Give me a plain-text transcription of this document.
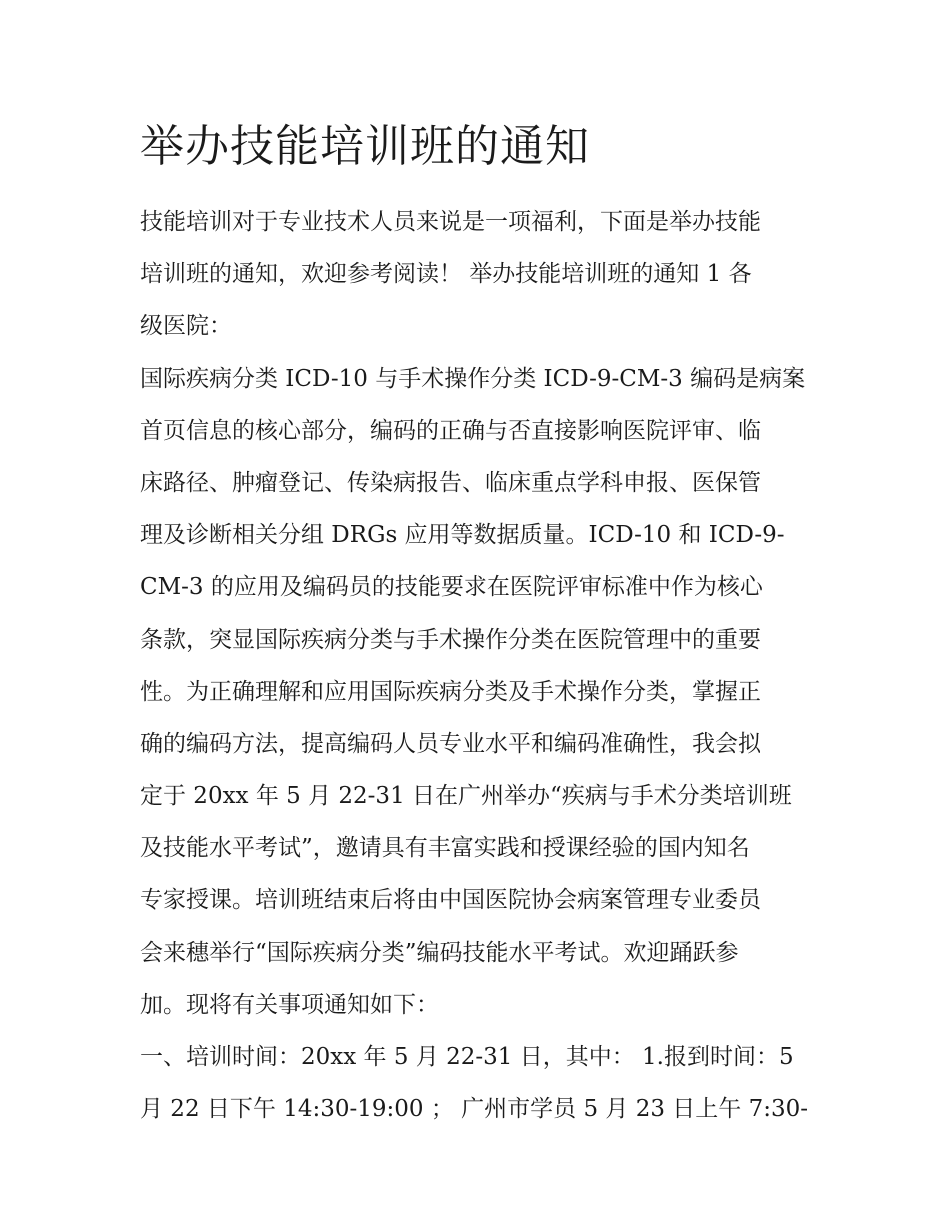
举办技能培训班的通知
技能培训对于专业技术人员来说是一项福利，下面是举办技能
培训班的通知，欢迎参考阅读！ 举办技能培训班的通知 1 各
级医院：
国际疾病分类 ICD-10 与手术操作分类 ICD-9-CM-3 编码是病案
首页信息的核心部分，编码的正确与否直接影响医院评审、临
床路径、肿瘤登记、传染病报告、临床重点学科申报、医保管
理及诊断相关分组 DRGs 应用等数据质量。ICD-10 和 ICD-9-
CM-3 的应用及编码员的技能要求在医院评审标准中作为核心
条款，突显国际疾病分类与手术操作分类在医院管理中的重要
性。为正确理解和应用国际疾病分类及手术操作分类，掌握正
确的编码方法，提高编码人员专业水平和编码准确性，我会拟
定于 20xx 年 5 月 22-31 日在广州举办“疾病与手术分类培训班
及技能水平考试”，邀请具有丰富实践和授课经验的国内知名
专家授课。培训班结束后将由中国医院协会病案管理专业委员
会来穗举行“国际疾病分类”编码技能水平考试。欢迎踊跃参
加。现将有关事项通知如下：
一、培训时间：20xx 年 5 月 22-31 日，其中： 1.报到时间：5
月 22 日下午 14:30-19:00 ； 广州市学员 5 月 23 日上午 7:30-
